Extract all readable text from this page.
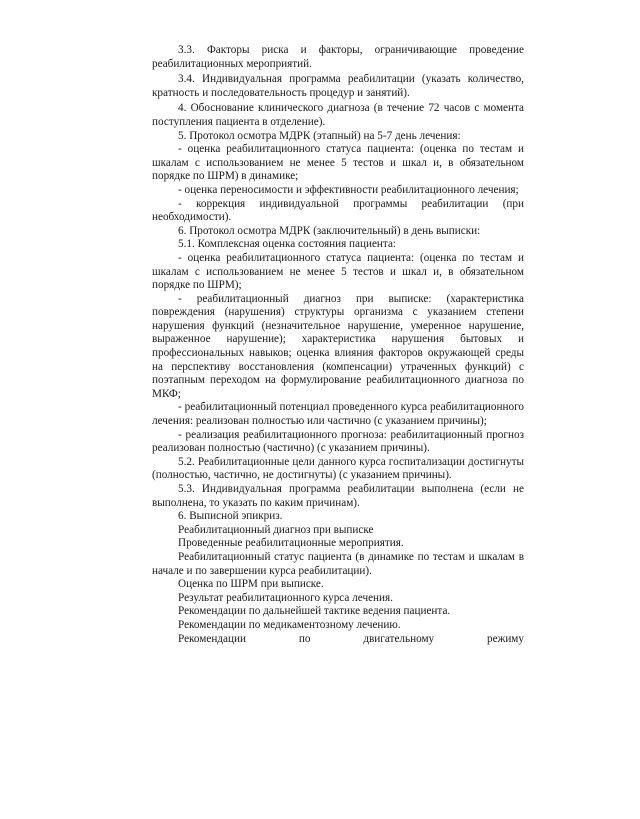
3.3. Факторы риска и факторы, ограничивающие проведение реабилитационных мероприятий.

3.4. Индивидуальная программа реабилитации (указать количество, кратность и последовательность процедур и занятий).

4. Обоснование клинического диагноза (в течение 72 часов с момента поступления пациента в отделение).

5. Протокол осмотра МДРК (этапный) на 5-7 день лечения:

- оценка реабилитационного статуса пациента: (оценка по тестам и шкалам с использованием не менее 5 тестов и шкал и, в обязательном порядке по ШРМ) в динамике;

- оценка переносимости и эффективности реабилитационного лечения;

- коррекция индивидуальной программы реабилитации (при необходимости).

6. Протокол осмотра МДРК (заключительный) в день выписки:

5.1. Комплексная оценка состояния пациента:

- оценка реабилитационного статуса пациента: (оценка по тестам и шкалам с использованием не менее 5 тестов и шкал и, в обязательном порядке по ШРМ);

- реабилитационный диагноз при выписке: (характеристика повреждения (нарушения) структуры организма с указанием степени нарушения функций (незначительное нарушение, умеренное нарушение, выраженное нарушение); характеристика нарушения бытовых и профессиональных навыков; оценка влияния факторов окружающей среды на перспективу восстановления (компенсации) утраченных функций) с поэтапным переходом на формулирование реабилитационного диагноза по МКФ;

- реабилитационный потенциал проведенного курса реабилитационного лечения: реализован полностью или частично (с указанием причины);

- реализация реабилитационного прогноза: реабилитационный прогноз реализован полностью (частично) (с указанием причины).

5.2. Реабилитационные цели данного курса госпитализации достигнуты (полностью, частично, не достигнуты) (с указанием причины).

5.3. Индивидуальная программа реабилитации выполнена (если не выполнена, то указать по каким причинам).

6. Выписной эпикриз.

Реабилитационный диагноз при выписке

Проведенные реабилитационные мероприятия.

Реабилитационный статус пациента (в динамике по тестам и шкалам в начале и по завершении курса реабилитации).

Оценка по ШРМ при выписке.

Результат реабилитационного курса лечения.

Рекомендации по дальнейшей тактике ведения пациента.

Рекомендации по медикаментозному лечению.

Рекомендации	по	двигательному	режиму
